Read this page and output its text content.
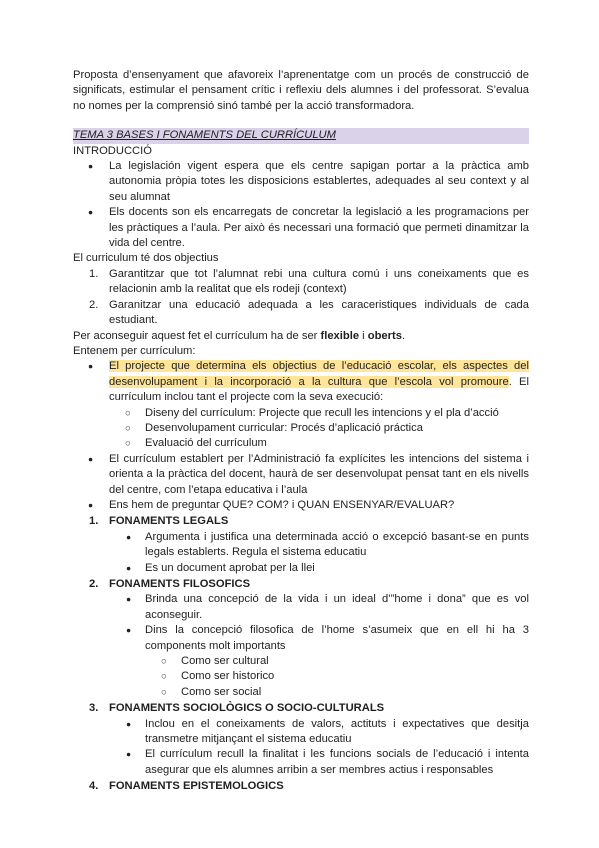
Proposta d’ensenyament que afavoreix l’aprenentatge com un procés de construcció de significats, estimular el pensament crític i reflexiu dels alumnes i del professorat. S’evalua no nomes per la comprensió sinó també per la acció transformadora.

TEMA 3 BASES I FONAMENTS DEL CURRÍCULUM

INTRODUCCIÓ

● La legislación vigent espera que els centre sapigan portar a la pràctica amb autonomia pròpia totes les disposicions establertes, adequades al seu context y al seu alumnat
● Els docents son els encarregats de concretar la legislació a les programacions per les pràctiques a l’aula. Per això és necessari una formació que permeti dinamitzar la vida del centre.

El curriculum té dos objectius

1. Garantitzar que tot l’alumnat rebi una cultura comú i uns coneixaments que es relacionin amb la realitat que els rodeji (context)
2. Garanitzar una educació adequada a les caraceristiques individuals de cada estudiant.

Per aconseguir aquest fet el currículum ha de ser flexible i oberts.

Entenem per currículum:

● El projecte que determina els objectius de l’educació escolar, els aspectes del desenvolupament i la incorporació a la cultura que l’escola vol promoure. El currículum inclou tant el projecte com la seva execució:
○ Diseny del currículum: Projecte que recull les intencions y el pla d’acció
○ Desenvolupament curricular: Procés d’aplicació práctica
○ Evaluació del currículum
● El currículum establert per l’Administració fa explícites les intencions del sistema i orienta a la pràctica del docent, haurà de ser desenvolupat pensat tant en els nivells del centre, com l’etapa educativa i l’aula
● Ens hem de preguntar QUE? COM? i QUAN ENSENYAR/EVALUAR?
1. FONAMENTS LEGALS
● Argumenta i justifica una determinada acció o excepció basant-se en punts legals establerts. Regula el sistema educatiu
● Es un document aprobat per la llei
2. FONAMENTS FILOSOFICS
● Brinda una concepció de la vida i un ideal d’”home i dona” que es vol aconseguir.
● Dins la concepció filosofica de l’home s’asumeix que en ell hi ha 3 components molt importants
○ Como ser cultural
○ Como ser historico
○ Como ser social
3. FONAMENTS SOCIOLÒGICS O SOCIO-CULTURALS
● Inclou en el coneixaments de valors, actituts i expectatives que desitja transmetre mitjançant el sistema educatiu
● El currículum recull la finalitat i les funcions socials de l’educació i intenta asegurar que els alumnes arribin a ser membres actius i responsables
4. FONAMENTS EPISTEMOLOGICS
